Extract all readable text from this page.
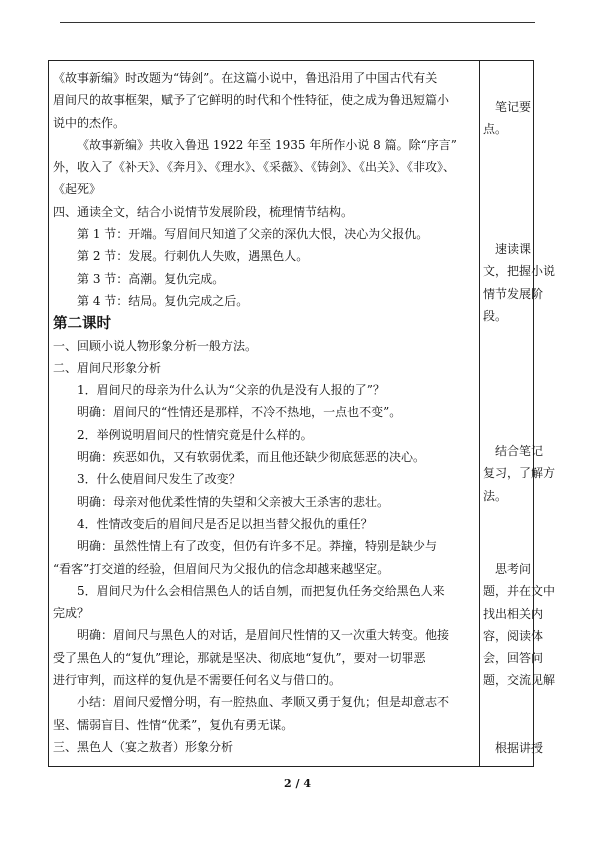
《故事新编》时改题为“铸剑”。在这篇小说中，鲁迅沿用了中国古代有关
眉间尺的故事框架，赋予了它鲜明的时代和个性特征，使之成为鲁迅短篇小
说中的杰作。
《故事新编》共收入鲁迅 1922 年至 1935 年所作小说 8 篇。除“序言”
外，收入了《补天》、《奔月》、《理水》、《采薇》、《铸剑》、《出关》、《非攻》、
《起死》
四、通读全文，结合小说情节发展阶段，梳理情节结构。
第 1 节：开端。写眉间尺知道了父亲的深仇大恨，决心为父报仇。
第 2 节：发展。行刺仇人失败，遇黑色人。
第 3 节：高潮。复仇完成。
第 4 节：结局。复仇完成之后。
第二课时
一、回顾小说人物形象分析一般方法。
二、眉间尺形象分析
1．眉间尺的母亲为什么认为“父亲的仇是没有人报的了”？
明确：眉间尺的“性情还是那样，不冷不热地，一点也不变”。
2．举例说明眉间尺的性情究竟是什么样的。
明确：疾恶如仇，又有软弱优柔，而且他还缺少彻底惩恶的决心。
3．什么使眉间尺发生了改变？
明确：母亲对他优柔性情的失望和父亲被大王杀害的悲壮。
4．性情改变后的眉间尺是否足以担当替父报仇的重任？
明确：虽然性情上有了改变，但仍有许多不足。莽撞，特别是缺少与
“看客”打交道的经验，但眉间尺为父报仇的信念却越来越坚定。
5．眉间尺为什么会相信黑色人的话自刎，而把复仇任务交给黑色人来
完成？
明确：眉间尺与黑色人的对话，是眉间尺性情的又一次重大转变。他接
受了黑色人的“复仇”理论，那就是坚决、彻底地“复仇”，要对一切罪恶
进行审判，而这样的复仇是不需要任何名义与借口的。
小结：眉间尺爱憎分明，有一腔热血、孝顺又勇于复仇；但是却意志不
坚、懦弱盲目、性情“优柔”，复仇有勇无谋。
三、黑色人（宴之敖者）形象分析
笔记要
点。
速读课
文，把握小说
情节发展阶
段。
结合笔记
复习，了解方
法。
思考问
题，并在文中
找出相关内
容，阅读体
会，回答问
题，交流见解
根据讲授
2 / 4
